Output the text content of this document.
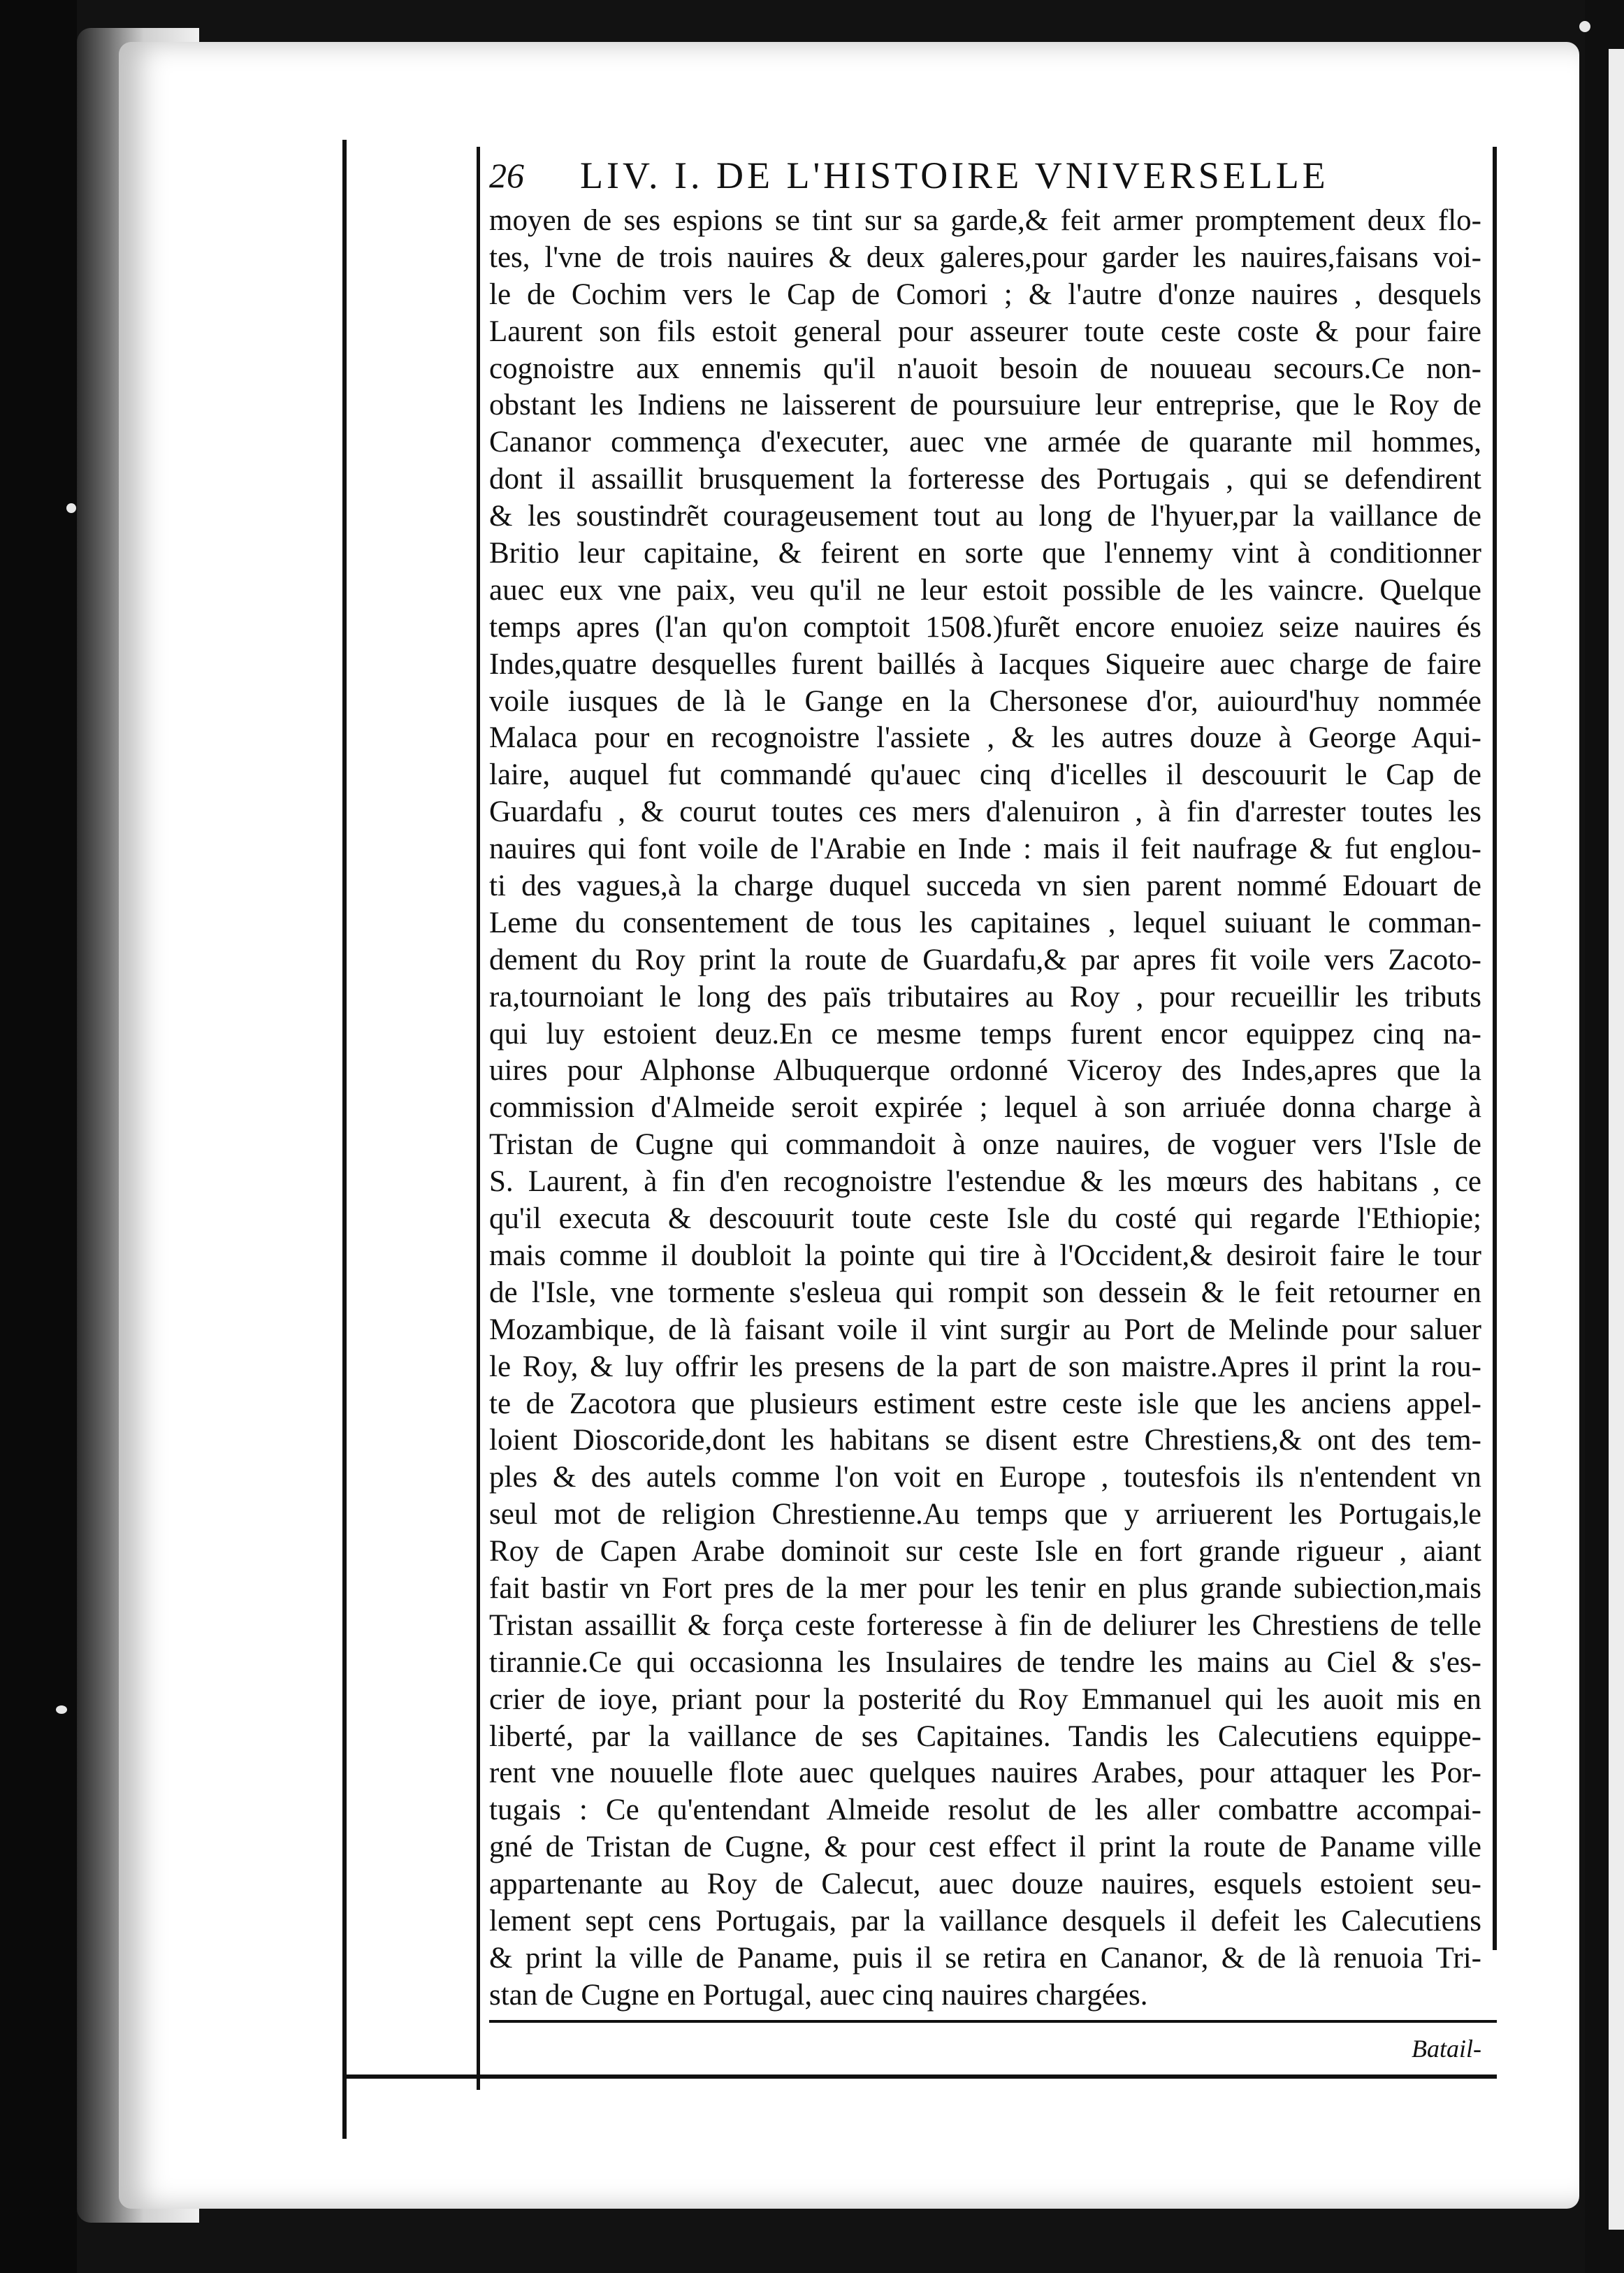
26 LIV. I. DE L'HISTOIRE VNIVERSELLE
moyen de ses espions se tint sur sa garde,& feit armer promptement deux flo-
tes, l'vne de trois nauires & deux galeres,pour garder les nauires,faisans voi-
le de Cochim vers le Cap de Comori ; & l'autre d'onze nauires , desquels
Laurent son fils estoit general pour asseurer toute ceste coste & pour faire
cognoistre aux ennemis qu'il n'auoit besoin de nouueau secours.Ce non-
obstant les Indiens ne laisserent de poursuiure leur entreprise, que le Roy de
Cananor commença d'executer, auec vne armée de quarante mil hommes,
dont il assaillit brusquement la forteresse des Portugais , qui se defendirent
& les soustindrẽt courageusement tout au long de l'hyuer,par la vaillance de
Britio leur capitaine, & feirent en sorte que l'ennemy vint à conditionner
auec eux vne paix, veu qu'il ne leur estoit possible de les vaincre. Quelque
temps apres (l'an qu'on comptoit 1508.)furẽt encore enuoiez seize nauires és
Indes,quatre desquelles furent baillés à Iacques Siqueire auec charge de faire
voile iusques de là le Gange en la Chersonese d'or, auiourd'huy nommée
Malaca pour en recognoistre l'assiete , & les autres douze à George Aqui-
laire, auquel fut commandé qu'auec cinq d'icelles il descouurit le Cap de
Guardafu , & courut toutes ces mers d'alenuiron , à fin d'arrester toutes les
nauires qui font voile de l'Arabie en Inde : mais il feit naufrage & fut englou-
ti des vagues,à la charge duquel succeda vn sien parent nommé Edouart de
Leme du consentement de tous les capitaines , lequel suiuant le comman-
dement du Roy print la route de Guardafu,& par apres fit voile vers Zacoto-
ra,tournoiant le long des païs tributaires au Roy , pour recueillir les tributs
qui luy estoient deuz.En ce mesme temps furent encor equippez cinq na-
uires pour Alphonse Albuquerque ordonné Viceroy des Indes,apres que la
commission d'Almeide seroit expirée ; lequel à son arriuée donna charge à
Tristan de Cugne qui commandoit à onze nauires, de voguer vers l'Isle de
S. Laurent, à fin d'en recognoistre l'estendue & les mœurs des habitans , ce
qu'il executa & descouurit toute ceste Isle du costé qui regarde l'Ethiopie;
mais comme il doubloit la pointe qui tire à l'Occident,& desiroit faire le tour
de l'Isle, vne tormente s'esleua qui rompit son dessein & le feit retourner en
Mozambique, de là faisant voile il vint surgir au Port de Melinde pour saluer
le Roy, & luy offrir les presens de la part de son maistre.Apres il print la rou-
te de Zacotora que plusieurs estiment estre ceste isle que les anciens appel-
loient Dioscoride,dont les habitans se disent estre Chrestiens,& ont des tem-
ples & des autels comme l'on voit en Europe , toutesfois ils n'entendent vn
seul mot de religion Chrestienne.Au temps que y arriuerent les Portugais,le
Roy de Capen Arabe dominoit sur ceste Isle en fort grande rigueur , aiant
fait bastir vn Fort pres de la mer pour les tenir en plus grande subiection,mais
Tristan assaillit & força ceste forteresse à fin de deliurer les Chrestiens de telle
tirannie.Ce qui occasionna les Insulaires de tendre les mains au Ciel & s'es-
crier de ioye, priant pour la posterité du Roy Emmanuel qui les auoit mis en
liberté, par la vaillance de ses Capitaines. Tandis les Calecutiens equippe-
rent vne nouuelle flote auec quelques nauires Arabes, pour attaquer les Por-
tugais : Ce qu'entendant Almeide resolut de les aller combattre accompai-
gné de Tristan de Cugne, & pour cest effect il print la route de Paname ville
appartenante au Roy de Calecut, auec douze nauires, esquels estoient seu-
lement sept cens Portugais, par la vaillance desquels il defeit les Calecutiens
& print la ville de Paname, puis il se retira en Cananor, & de là renuoia Tri-
stan de Cugne en Portugal, auec cinq nauires chargées.
Batail-
